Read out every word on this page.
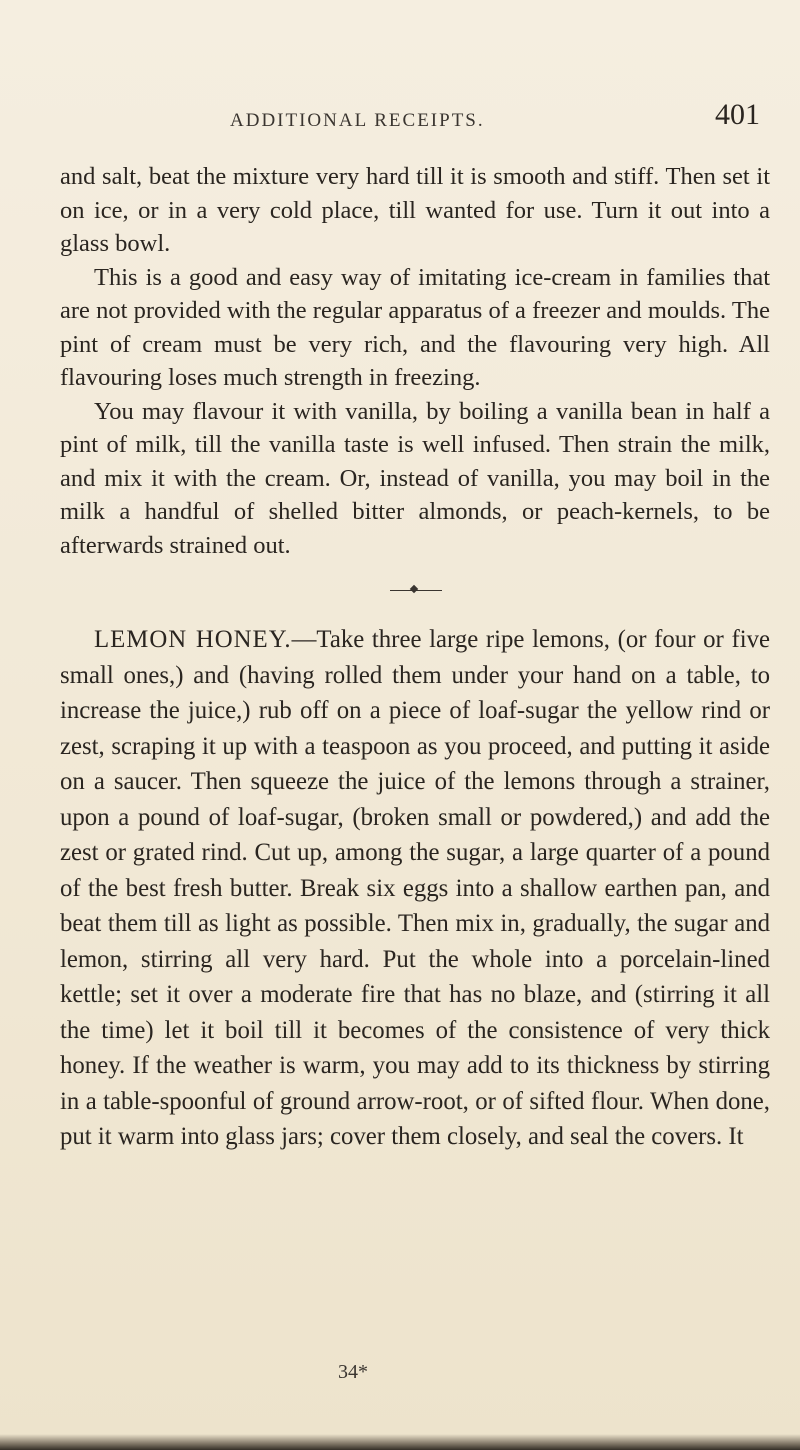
ADDITIONAL RECEIPTS.	401

and salt, beat the mixture very hard till it is smooth and stiff. Then set it on ice, or in a very cold place, till wanted for use. Turn it out into a glass bowl.

This is a good and easy way of imitating ice-cream in families that are not provided with the regular apparatus of a freezer and moulds. The pint of cream must be very rich, and the flavouring very high. All flavouring loses much strength in freezing.

You may flavour it with vanilla, by boiling a vanilla bean in half a pint of milk, till the vanilla taste is well infused. Then strain the milk, and mix it with the cream. Or, instead of vanilla, you may boil in the milk a handful of shelled bitter almonds, or peach-kernels, to be afterwards strained out.

LEMON HONEY.—Take three large ripe lemons, (or four or five small ones,) and (having rolled them under your hand on a table, to increase the juice,) rub off on a piece of loaf-sugar the yellow rind or zest, scraping it up with a teaspoon as you proceed, and putting it aside on a saucer. Then squeeze the juice of the lemons through a strainer, upon a pound of loaf-sugar, (broken small or powdered,) and add the zest or grated rind. Cut up, among the sugar, a large quarter of a pound of the best fresh butter. Break six eggs into a shallow earthen pan, and beat them till as light as possible. Then mix in, gradually, the sugar and lemon, stirring all very hard. Put the whole into a porcelain-lined kettle; set it over a moderate fire that has no blaze, and (stirring it all the time) let it boil till it becomes of the consistence of very thick honey. If the weather is warm, you may add to its thickness by stirring in a table-spoonful of ground arrow-root, or of sifted flour. When done, put it warm into glass jars; cover them closely, and seal the covers. It

34*
